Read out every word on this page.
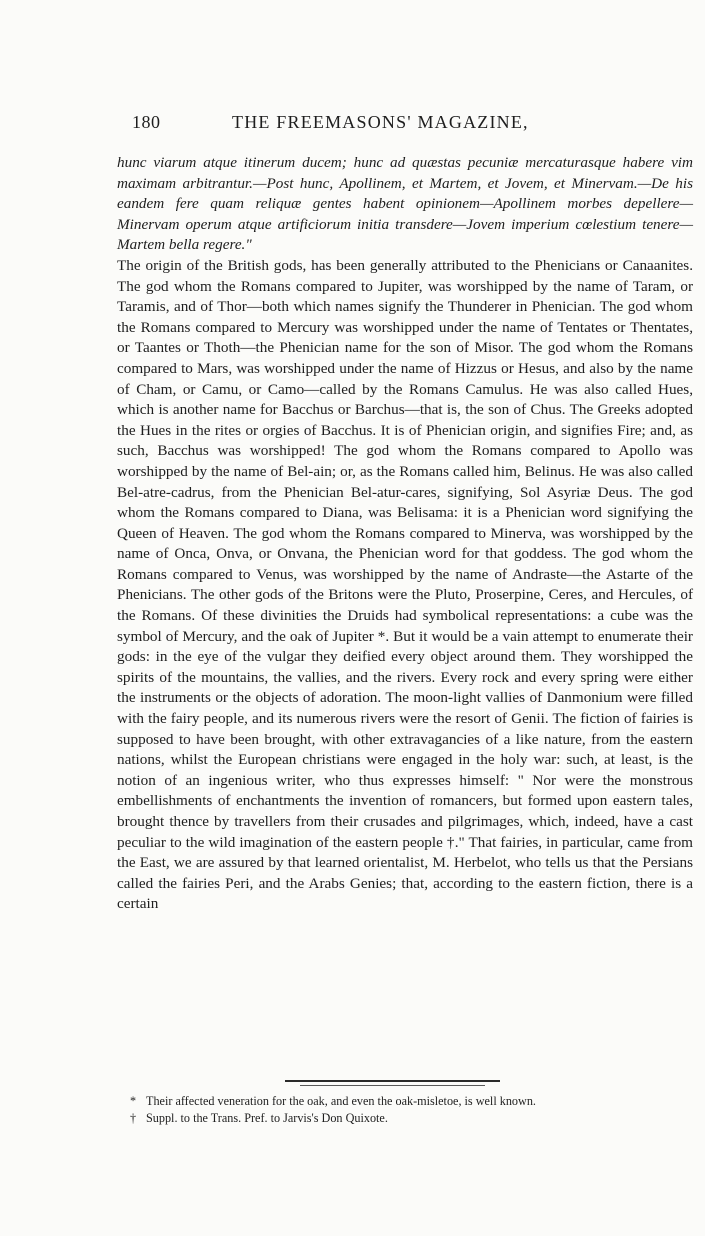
180	THE FREEMASONS' MAGAZINE,

hunc viarum atque itinerum ducem; hunc ad quæstas pecuniæ mercaturasque habere vim maximam arbitrantur.—Post hunc, Apollinem, et Martem, et Jovem, et Minervam.—De his eandem fere quam reliquæ gentes habent opinionem—Apollinem morbes depellere—Minervam operum atque artificiorum initia transdere—Jovem imperium cœlestium tenere—Martem bella regere."

The origin of the British gods, has been generally attributed to the Phenicians or Canaanites. The god whom the Romans compared to Jupiter, was worshipped by the name of Taram, or Taramis, and of Thor—both which names signify the Thunderer in Phenician. The god whom the Romans compared to Mercury was worshipped under the name of Tentates or Thentates, or Taantes or Thoth—the Phenician name for the son of Misor. The god whom the Romans compared to Mars, was worshipped under the name of Hizzus or Hesus, and also by the name of Cham, or Camu, or Camo—called by the Romans Camulus. He was also called Hues, which is another name for Bacchus or Barchus—that is, the son of Chus. The Greeks adopted the Hues in the rites or orgies of Bacchus. It is of Phenician origin, and signifies Fire; and, as such, Bacchus was worshipped! The god whom the Romans compared to Apollo was worshipped by the name of Bel-ain; or, as the Romans called him, Belinus. He was also called Bel-atre-cadrus, from the Phenician Bel-atur-cares, signifying, Sol Asyriæ Deus. The god whom the Romans compared to Diana, was Belisama: it is a Phenician word signifying the Queen of Heaven. The god whom the Romans compared to Minerva, was worshipped by the name of Onca, Onva, or Onvana, the Phenician word for that goddess. The god whom the Romans compared to Venus, was worshipped by the name of Andraste—the Astarte of the Phenicians. The other gods of the Britons were the Pluto, Proserpine, Ceres, and Hercules, of the Romans. Of these divinities the Druids had symbolical representations: a cube was the symbol of Mercury, and the oak of Jupiter *. But it would be a vain attempt to enumerate their gods: in the eye of the vulgar they deified every object around them. They worshipped the spirits of the mountains, the vallies, and the rivers. Every rock and every spring were either the instruments or the objects of adoration. The moon-light vallies of Danmonium were filled with the fairy people, and its numerous rivers were the resort of Genii. The fiction of fairies is supposed to have been brought, with other extravagancies of a like nature, from the eastern nations, whilst the European christians were engaged in the holy war: such, at least, is the notion of an ingenious writer, who thus expresses himself: " Nor were the monstrous embellishments of enchantments the invention of romancers, but formed upon eastern tales, brought thence by travellers from their crusades and pilgrimages, which, indeed, have a cast peculiar to the wild imagination of the eastern people †." That fairies, in particular, came from the East, we are assured by that learned orientalist, M. Herbelot, who tells us that the Persians called the fairies Peri, and the Arabs Genies; that, according to the eastern fiction, there is a certain

* Their affected veneration for the oak, and even the oak-misletoe, is well known.
† Suppl. to the Trans. Pref. to Jarvis's Don Quixote.
